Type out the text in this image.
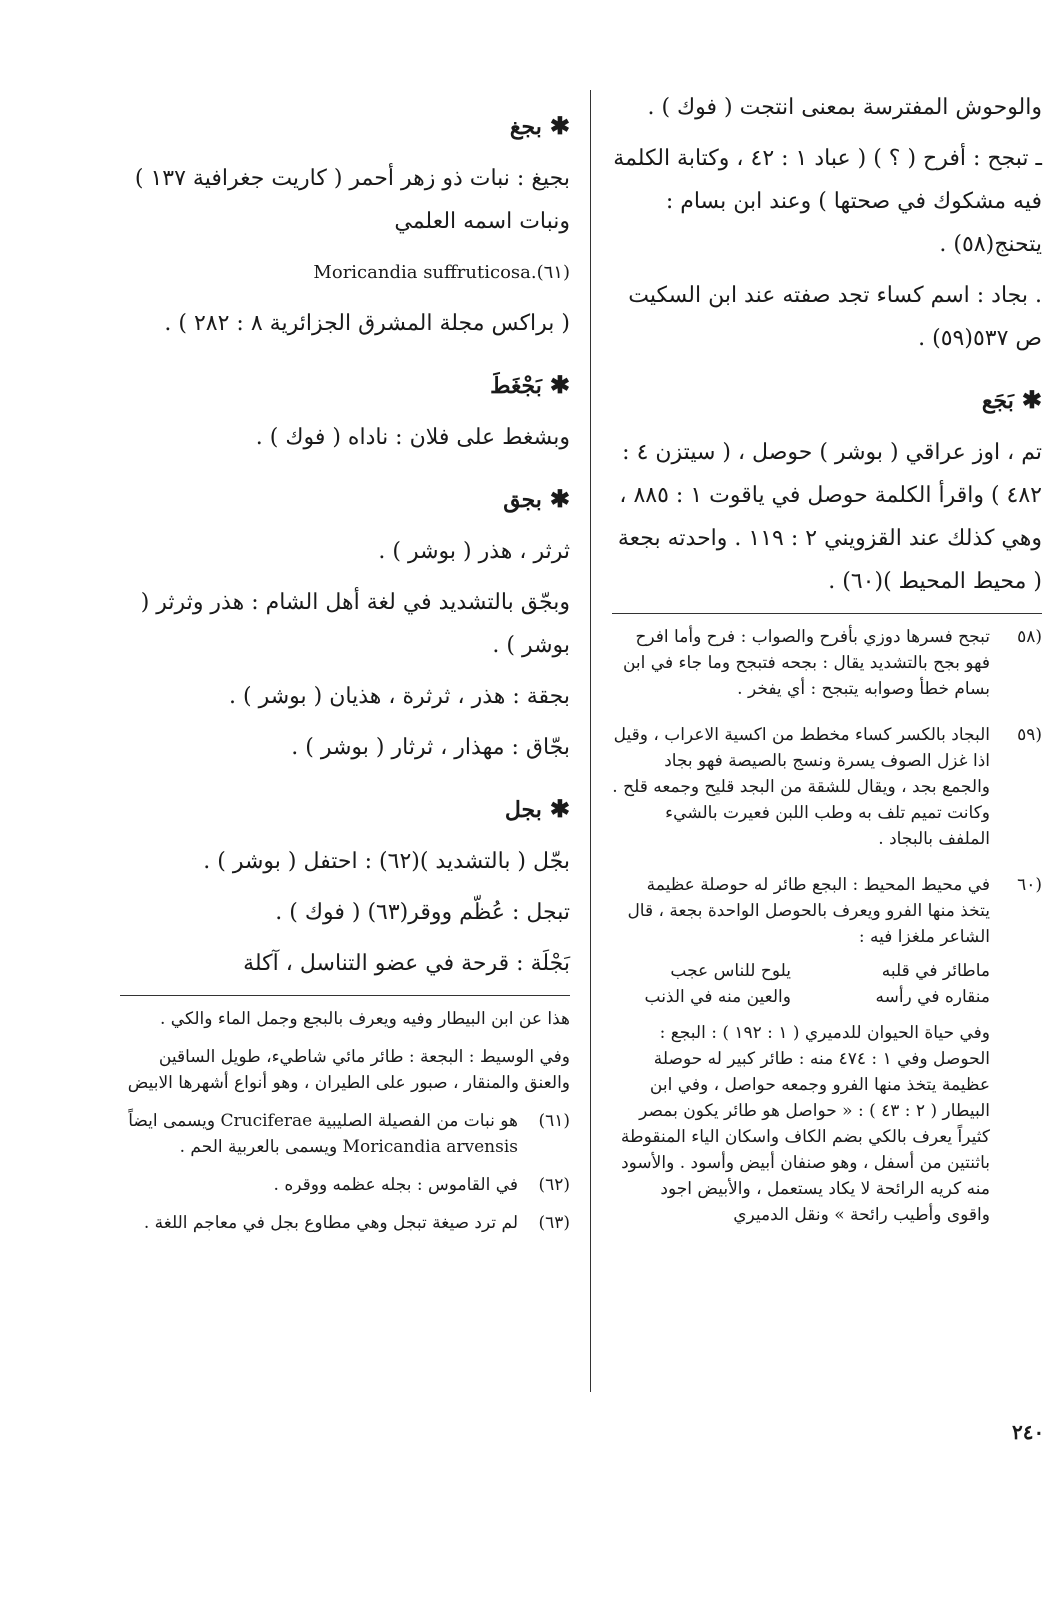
والوحوش المفترسة بمعنى انتجت ( فوك ) .

ـ تبجح : أفرح ( ؟ ) ( عباد ١ : ٤٢ ، وكتابة الكلمة فيه مشكوك في صحتها ) وعند ابن بسام : يتحنج(٥٨) .

. بجاد : اسم كساء تجد صفته عند ابن السكيت ص ٥٣٧(٥٩) .

✱بَجَع

تم ، اوز عراقي ( بوشر ) حوصل ، ( سيتزن ٤ : ٤٨٢ ) واقرأ الكلمة حوصل في ياقوت ١ : ٨٨٥ ، وهي كذلك عند القزويني ٢ : ١١٩ . واحدته بجعة ( محيط المحيط )(٦٠) .

(٥٨

تبجح فسرها دوزي بأفرح والصواب : فرح وأما افرح فهو بجح بالتشديد يقال : بجحه فتبجح وما جاء في ابن بسام خطأ وصوابه يتبجح : أي يفخر .

(٥٩

البجاد بالكسر كساء مخطط من اكسية الاعراب ، وقيل اذا غزل الصوف يسرة ونسج بالصيصة فهو بجاد والجمع بجد ، ويقال للشقة من البجد قليح وجمعه قلح . وكانت تميم تلف به وطب اللبن فعيرت بالشيء الملفف بالبجاد .

(٦٠

في محيط المحيط : البجع طائر له حوصلة عظيمة يتخذ منها الفرو ويعرف بالحوصل الواحدة بجعة ، قال الشاعر ملغزا فيه :

ماطائر في قلبه
يلوح للناس عجب
منقاره في رأسه
والعين منه في الذنب

وفي حياة الحيوان للدميري ( ١ : ١٩٢ ) : البجع : الحوصل وفي ١ : ٤٧٤ منه : طائر كبير له حوصلة عظيمة يتخذ منها الفرو وجمعه حواصل ، وفي ابن البيطار ( ٢ : ٤٣ ) : « حواصل هو طائر يكون بمصر كثيراً يعرف بالكي بضم الكاف واسكان الياء المنقوطة باثنتين من أسفل ، وهو صنفان أبيض وأسود . والأسود منه كريه الرائحة لا يكاد يستعمل ، والأبيض اجود واقوى وأطيب رائحة » ونقل الدميري

✱بجغ

بجيغ : نبات ذو زهر أحمر ( كاريت جغرافية ١٣٧ ) ونبات اسمه العلمي

Moricandia suffruticosa.(٦١)

( براكس مجلة المشرق الجزائرية ٨ : ٢٨٢ ) .

✱بَجْغَطَ

وبشغط على فلان : ناداه ( فوك ) .

✱بجق

ثرثر ، هذر ( بوشر ) .

وبجّق بالتشديد في لغة أهل الشام : هذر وثرثر ( بوشر ) .

بجقة : هذر ، ثرثرة ، هذيان ( بوشر ) .

بجّاق : مهذار ، ثرثار ( بوشر ) .

✱بجل

بجّل ( بالتشديد )(٦٢) : احتفل ( بوشر ) .

تبجل : عُظّم ووقر(٦٣) ( فوك ) .

بَجْلَة : قرحة في عضو التناسل ، آكلة

هذا عن ابن البيطار وفيه ويعرف بالبجع وجمل الماء والكي .

وفي الوسيط : البجعة : طائر مائي شاطيء، طويل الساقين والعنق والمنقار ، صبور على الطيران ، وهو أنواع أشهرها الابيض

(٦١)
هو نبات من الفصيلة الصليبية Cruciferae ويسمى ايضاً Moricandia arvensis ويسمى بالعربية الحم .
(٦٢)
في القاموس : بجله عظمه ووقره .
(٦٣)
لم ترد صيغة تبجل وهي مطاوع بجل في معاجم اللغة .
٢٤٠
